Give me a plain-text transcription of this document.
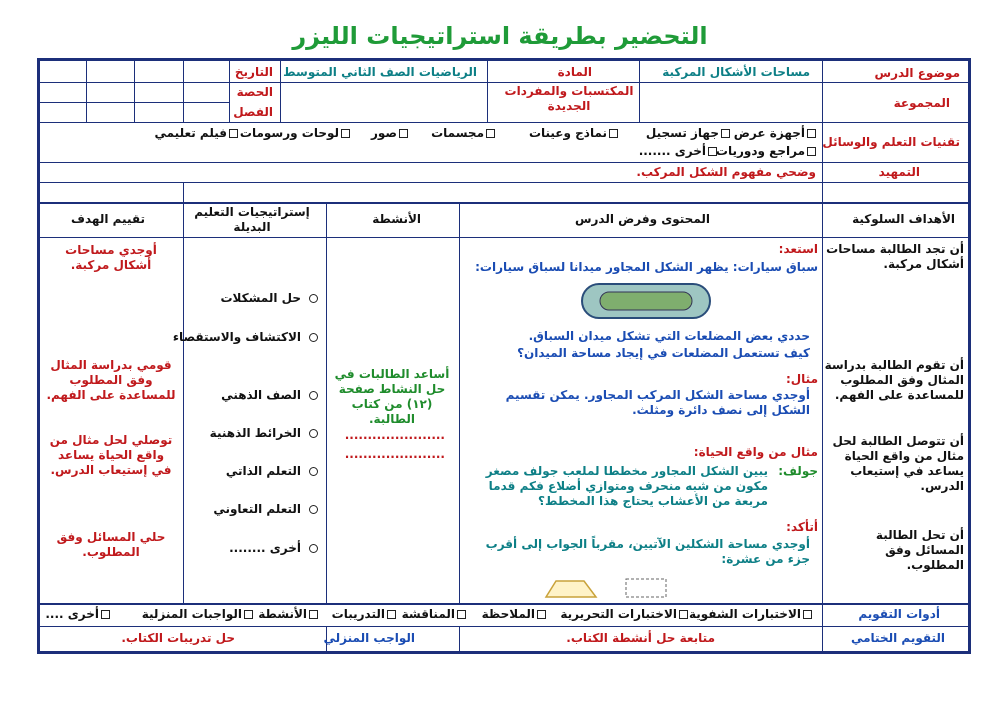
التحضير بطريقة استراتيجيات الليزر
موضوع الدرس
مساحات الأشكال المركبة
المادة
الرياضيات الصف الثاني المتوسط
التاريخ
المجموعة
المكتسبات والمفردات الجديدة
الحصة
الفصل
تقنيات التعلم والوسائل
أجهزة عرض
جهاز تسجيل
نماذج وعينات
مجسمات
صور
لوحات ورسومات
فيلم تعليمي
مراجع ودوريات
أخرى .......
التمهيد
وضحي مفهوم الشكل المركب.
الأهداف السلوكية
المحتوى وفرض الدرس
الأنشطة
إستراتيجيات التعليم البديلة
تقييم الهدف
أن تجد الطالبة مساحات أشكال مركبة.
أن تقوم الطالبة بدراسة المثال وفق المطلوب للمساعدة على الفهم.
أن تتوصل الطالبة لحل مثال من واقع الحياة يساعد في إستيعاب الدرس.
أن تحل الطالبة المسائل وفق المطلوب.
استعد:
سباق سيارات: يظهر الشكل المجاور ميدانا لسباق سيارات:
حددي بعض المضلعات التي تشكل ميدان السباق.
كيف تستعمل المضلعات في إيجاد مساحة الميدان؟
مثال:
أوجدي مساحة الشكل المركب المجاور. يمكن تقسيم الشكل إلى نصف دائرة ومثلث.
مثال من واقع الحياة:
جولف:
يبين الشكل المجاور مخططا لملعب جولف مصغر مكون من شبه منحرف ومتوازي أضلاع فكم قدما مربعة من الأعشاب يحتاج هذا المخطط؟
أتأكد:
أوجدي مساحة الشكلين الآتيين، مقرباً الجواب إلى أقرب جزء من عشرة:
أساعد الطالبات في حل النشاط صفحة (١٢) من كتاب الطالبة.
......................
......................
حل المشكلات
الاكتشاف والاستقصاء
الصف الذهني
الخرائط الذهنية
التعلم الذاتي
التعلم التعاوني
أخرى ........
أوجدي مساحات أشكال مركبة.
قومي بدراسة المثال وفق المطلوب للمساعدة على الفهم.
توصلي لحل مثال من واقع الحياة يساعد في إستيعاب الدرس.
حلي المسائل وفق المطلوب.
أدوات التقويم
الاختبارات الشفوية
الاختبارات التحريرية
الملاحظة
المناقشة
التدريبات
الأنشطة
الواجبات المنزلية
أخرى ....
التقويم الختامي
متابعة حل أنشطة الكتاب.
الواجب المنزلي
حل تدريبات الكتاب.
